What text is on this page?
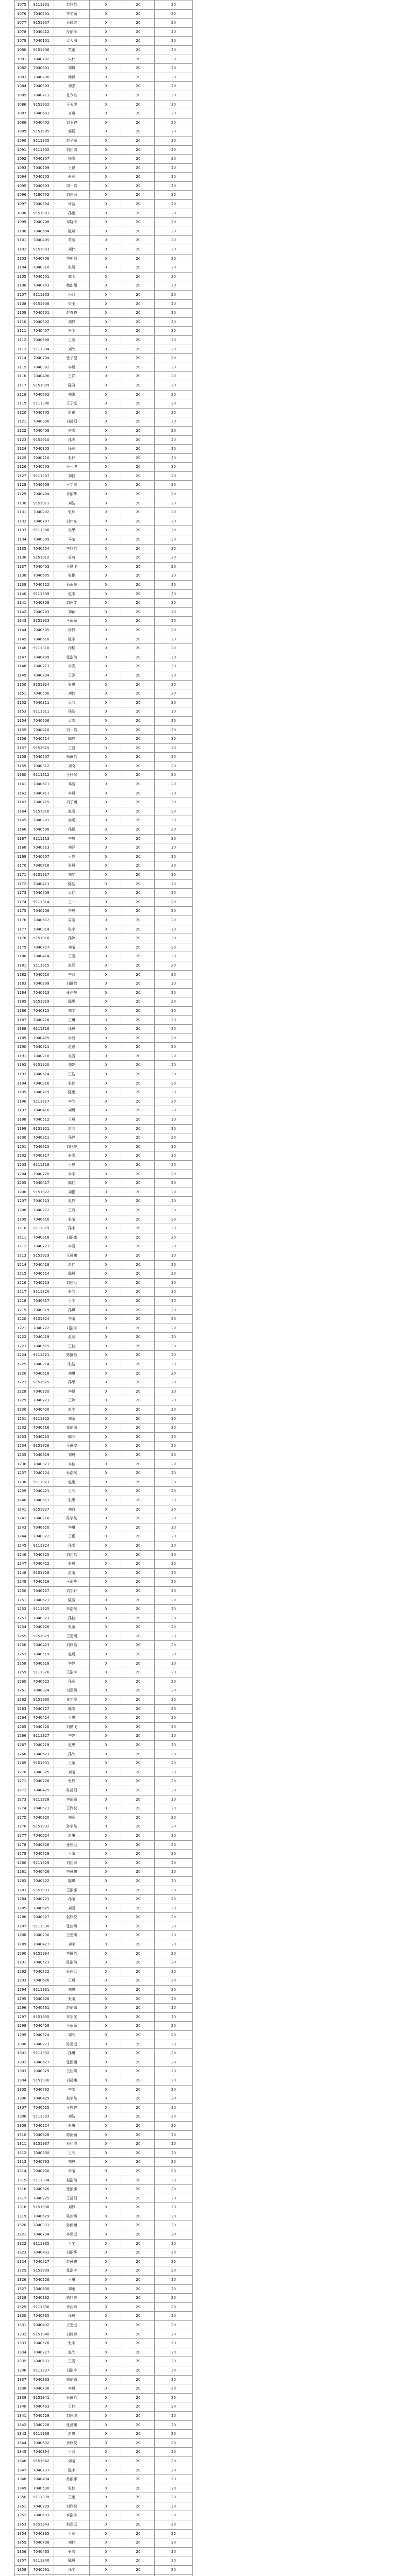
1075	9111301	赵欣怡	0	20	20
1076	7040701	李名涵	0	20	20
1077	9151907	乔晓雪	0	20	20
1078	7040412	左丽萍	0	20	20
1079	7040101	孟大海	0	20	20
1080	9151906	范蕾	0	20	20
1081	7040702	宋伟	0	20	20
1082	7040301	刘博	0	20	20
1083	7040206	韩燕	0	20	20
1084	7040303	刘强	0	20	20
1085	7040711	孔令宸	0	20	20
1086	9151902	王天琪	0	20	20
1087	7040601	齐爽	0	20	20
1088	7040402	刘玉婷	0	20	20
1089	9151905	郭畅	0	20	20
1090	9111305	赵子涵	0	20	20
1091	9111302	刘佳琪	0	20	20
1092	7040307	杨雪	0	20	20
1093	7040709	王鹏	0	20	20
1094	7040205	张丽	0	20	20
1095	7040603	周一鸣	0	20	20
1096	7280702	刘思雨	0	20	20
1097	7040304	何洁	0	20	20
1098	9151901	孙雨	0	20	20
1099	7040708	邓晓宇	0	20	20
1100	7040604	陈斌	0	20	20
1101	7040405	黄丽	0	20	20
1102	9151903	刘伟	0	20	20
1103	7040706	李朝阳	0	20	20
1104	7040310	张慧	0	20	20
1105	7040501	高明	0	20	20
1106	7040703	魏甜甜	0	20	20
1107	9111303	冯月	0	20	20
1108	9151908	宋玉	0	20	20
1109	7040201	赵春晓	0	20	20
1110	7040502	刘静	0	20	20
1111	7040407	朱刚	0	20	20
1112	7040608	王丽	0	20	20
1113	9111304	刘欣	0	20	20
1114	7040704	张子健	0	20	20
1115	7040302	李娜	0	20	20
1116	7040406	王洋	0	20	20
1117	9151909	陈晓	0	20	20
1118	7040602	刘洪	0	20	20
1119	9111306	王子豪	0	20	20
1120	7040705	赵璐	0	20	20
1121	7040306	刘晨阳	0	20	20
1122	7040408	宋雪	0	20	20
1123	9151910	孙杰	0	20	20
1124	7040305	徐丽	0	20	20
1125	7040710	张伟	0	20	20
1126	7040503	吴一博	0	20	20
1127	9111307	刘畅	0	20	20
1128	7040609	王宇航	0	20	20
1129	7040404	李丽华	0	20	20
1130	9151911	刘浩	0	20	20
1131	7040202	张梦	0	20	20
1132	7040707	刘伟东	0	20	20
1133	9111308	吴思	0	20	20
1134	7040309	马莹	0	20	20
1135	7040504	李欣怡	0	20	20
1136	9151912	周萌	0	20	20
1137	7040403	王鹏飞	0	20	20
1138	7040605	张艳	0	20	20
1139	7040712	孙雨晨	0	20	20
1140	9111309	赵阳	0	20	20
1141	7040308	刘思佳	0	20	20
1142	7040203	刘颖	0	20	20
1143	9151913	王雨涵	0	20	20
1144	7040505	何静	0	20	20
1145	7040610	陈宇	0	20	20
1146	9111310	杨柳	0	20	20
1147	7040409	张浩然	0	20	20
1148	7040713	李雯	0	20	20
1149	7040204	王强	0	20	20
1150	9151914	张琪	0	20	20
1151	7040506	刘佳	0	20	20
1152	7040311	吴欣	0	20	20
1153	9111311	孙浩	0	20	20
1154	7040606	孟雪	0	20	20
1155	7040410	刘一鸣	0	20	20
1156	7040714	陈静	0	20	20
1157	9151915	王凯	0	20	20
1158	7040507	杨静怡	0	20	20
1159	7040312	刘晓	0	20	20
1160	9111312	王欣然	0	20	20
1161	7040611	邓丽	0	20	20
1162	7040411	李晨	0	20	20
1163	7040715	刘子涵	0	20	20
1164	9151916	赵雪	0	20	20
1165	7040207	高远	0	20	20
1166	7040508	孙悦	0	20	20
1167	9111313	李想	0	20	20
1168	7040313	刘洋	0	20	20
1169	7040607	王静	0	20	20
1170	7040716	张晨	0	20	20
1171	9151917	刘梦	0	20	20
1172	7040413	陈浩	0	20	20
1173	7040509	吴佳	0	20	20
1174	9111314	王一	0	20	20
1175	7040208	李思	0	20	20
1176	7040612	周丽	0	20	20
1177	7040314	张宇	0	20	20
1178	9151918	孙婷	0	20	20
1179	7040717	刘晴	0	20	20
1180	7040414	王雪	0	20	20
1181	9111315	赵涵	0	20	20
1182	7040510	李浩	0	20	20
1183	7040209	刘静怡	0	20	20
1184	7040613	张伟华	0	20	20
1185	9151919	陈思	0	20	20
1186	7040315	刘宇	0	20	20
1187	7040718	王琳	0	20	20
1188	9111316	孙晨	0	20	20
1189	7040415	李丹	0	20	20
1190	7040511	赵鹏	0	20	20
1191	7040210	吴雪	0	20	20
1192	9151920	刘婷	0	20	20
1193	7040614	王浩	0	20	20
1194	7040316	张佳	0	20	20
1195	7040719	陈雨	0	20	20
1196	9111317	李欣	0	20	20
1197	7040416	刘璐	0	20	20
1198	7040512	王晨	0	20	20
1199	9151921	赵欣	0	20	20
1200	7040211	孙静	0	20	20
1201	7040615	刘欣悦	0	20	20
1202	7040317	张雪	0	20	20
1203	9111318	王思	0	20	20
1204	7040720	李宇	0	20	20
1205	7040417	陈佳	0	20	20
1206	9151922	刘鹏	0	20	20
1207	7040513	赵静	0	20	20
1208	7040212	王丹	0	20	20
1209	7040616	张晴	0	20	20
1210	9111319	孙宇	0	20	20
1211	7040318	刘丽娜	0	20	20
1212	7040721	李雪	0	20	20
1213	9151923	王晨曦	0	20	20
1214	7040418	赵佳	0	20	20
1215	7040514	陈晨	0	20	20
1216	7040213	刘思远	0	20	20
1217	9111320	张欣	0	20	20
1218	7040617	王宇	0	20	20
1219	7040319	孙琪	0	20	20
1220	9151924	李晴	0	20	20
1221	7040722	刘浩宇	0	20	20
1222	7040419	赵丽	0	20	20
1223	7040515	王佳	0	20	20
1224	9111321	陈静怡	0	20	20
1225	7040214	张浩	0	20	20
1226	7040618	刘琳	0	20	20
1227	9151925	孙思	0	20	20
1228	7040320	李鹏	0	20	20
1229	7040723	王婷	0	20	20
1230	7040420	赵宇	0	20	20
1231	9111322	刘雨	0	20	20
1232	7040516	张丽丽	0	20	20
1233	7040215	陈欣	0	20	20
1234	9151926	王静雯	0	20	20
1235	7040619	刘晨	0	20	20
1236	7040321	李佳	0	20	20
1237	7040724	孙浩然	0	20	20
1238	9111323	赵雨	0	20	20
1239	7040421	王欣	0	20	20
1240	7040517	张思	0	20	20
1241	9151927	刘丹	0	20	20
1242	7040216	陈宇航	0	20	20
1243	7040620	李琳	0	20	20
1244	7040322	王鹏	0	20	20
1245	9111324	孙雪	0	20	20
1246	7040725	刘佳怡	0	20	20
1247	7040422	张晨	0	20	20
1248	9151928	赵晴	0	20	20
1249	7040518	王丽华	0	20	20
1250	7040217	刘宇轩	0	20	20
1251	7040621	陈丽	0	20	20
1252	9111325	李浩然	0	20	20
1253	7040323	孙佳	0	20	20
1254	7040726	张雨	0	20	20
1255	9151929	王思雨	0	20	20
1256	7040423	刘欣怡	0	20	20
1257	7040519	赵晨	0	20	20
1258	7040218	李静	0	20	20
1259	9111326	王浩宇	0	20	20
1260	7040622	孙丽	0	20	20
1261	7040324	刘思琪	0	20	20
1262	9151930	张宇航	0	20	20
1263	7040727	陈雪	0	20	20
1264	7040424	王琪	0	20	20
1265	7040520	刘鹏飞	0	20	20
1266	9111327	李婷	0	20	20
1267	7040219	赵思	0	20	20
1268	7040623	孙欣	0	20	20
1269	9151931	王雨	0	20	20
1270	7040325	刘晴	0	20	20
1271	7040728	张静	0	20	20
1272	7040425	陈晨阳	0	20	20
1273	9111328	李雨涵	0	20	20
1274	7040521	王欣悦	0	20	20
1275	7040220	刘丽	0	20	20
1276	9151932	孙宇航	0	20	20
1277	7040624	赵琳	0	20	20
1278	7040326	张思远	0	20	20
1279	7040729	王晴	0	20	20
1280	9111329	刘佳琳	0	20	20
1281	7040426	李晨曦	0	20	20
1282	7040522	陈琪	0	20	20
1283	9151933	王丽娜	0	20	20
1284	7040221	孙晴	0	20	20
1285	7040625	刘雪	0	20	20
1286	7040327	赵欣悦	0	20	20
1287	9111330	张佳琪	0	20	20
1288	7040730	王思琪	0	20	20
1289	7040427	刘宇	0	20	20
1290	9151934	李静怡	0	20	20
1291	7040523	陈浩然	0	20	20
1292	7040222	孙思远	0	20	20
1293	7040626	王晨	0	20	20
1294	9111331	刘琪	0	20	20
1295	7040328	张晴	0	20	20
1296	7040731	赵丽娜	0	20	20
1297	9151935	李宇航	0	20	20
1298	7040428	王雨涵	0	20	20
1299	7040524	刘欣	0	20	20
1300	7040223	陈思远	0	20	20
1301	9111332	孙琳	0	20	20
1302	7040627	张雨涵	0	20	20
1303	7040329	王佳琪	0	20	20
1304	9151936	刘晨曦	0	20	20
1305	7040732	李雪	0	20	20
1306	7040429	赵宇航	0	20	20
1307	7040525	王婷婷	0	20	20
1308	9111333	刘浩	0	20	20
1309	7040224	张琳	0	20	20
1310	7040628	陈雨涵	0	20	20
1311	9151937	孙佳琪	0	20	20
1312	7040330	王欣	0	20	20
1313	7040733	刘思	0	20	20
1314	7040430	李晴	0	20	20
1315	9111334	赵浩然	0	20	20
1316	7040526	张丽娜	0	20	20
1317	7040225	王晨阳	0	20	20
1318	9151938	刘静	0	20	20
1319	7040629	陈佳琪	0	20	20
1320	7040331	孙雨涵	0	20	20
1321	7040734	李思远	0	20	20
1322	9111335	王宇	0	20	20
1323	7040431	刘丽华	0	20	20
1324	7040527	赵晨曦	0	20	20
1325	9151939	张浩宇	0	20	20
1326	7040226	王琳	0	20	20
1327	7040630	刘雨	0	20	20
1328	7040332	陈欣悦	0	20	20
1329	9111336	李佳琳	0	20	20
1330	7040735	孙晨	0	20	20
1331	7040432	王思远	0	20	20
1332	9151940	刘婷婷	0	20	20
1333	7040528	张宇	0	20	20
1334	7040227	赵欣	0	20	20
1335	7040631	王雪	0	20	20
1336	9111337	刘浩宇	0	20	20
1337	7040333	陈丽娜	0	20	20
1338	7040736	李晨	0	20	20
1339	9151941	孙静怡	0	20	20
1340	7040433	王佳	0	20	20
1341	7040529	刘思琪	0	20	20
1342	7040228	张晨曦	0	20	20
1343	9111338	赵琪	0	20	20
1344	7040632	李欣悦	0	20	20
1345	7040334	王浩	0	20	20
1346	9151942	刘晴	0	20	20
1347	7040737	陈宇	0	20	20
1348	7040434	孙丽娜	0	20	20
1349	7040530	张佳	0	20	20
1350	9111339	王雨	0	20	20
1351	7040229	刘欣悦	0	20	20
1352	7040633	李浩宇	0	20	20
1353	9151943	赵思远	0	20	20
1354	7040335	王丽	0	20	20
1355	7040738	刘佳	0	20	20
1356	7040435	张雪	0	20	20
1357	9111340	陈晨	0	20	20
1358	7040531	孙宇	0	20	20
